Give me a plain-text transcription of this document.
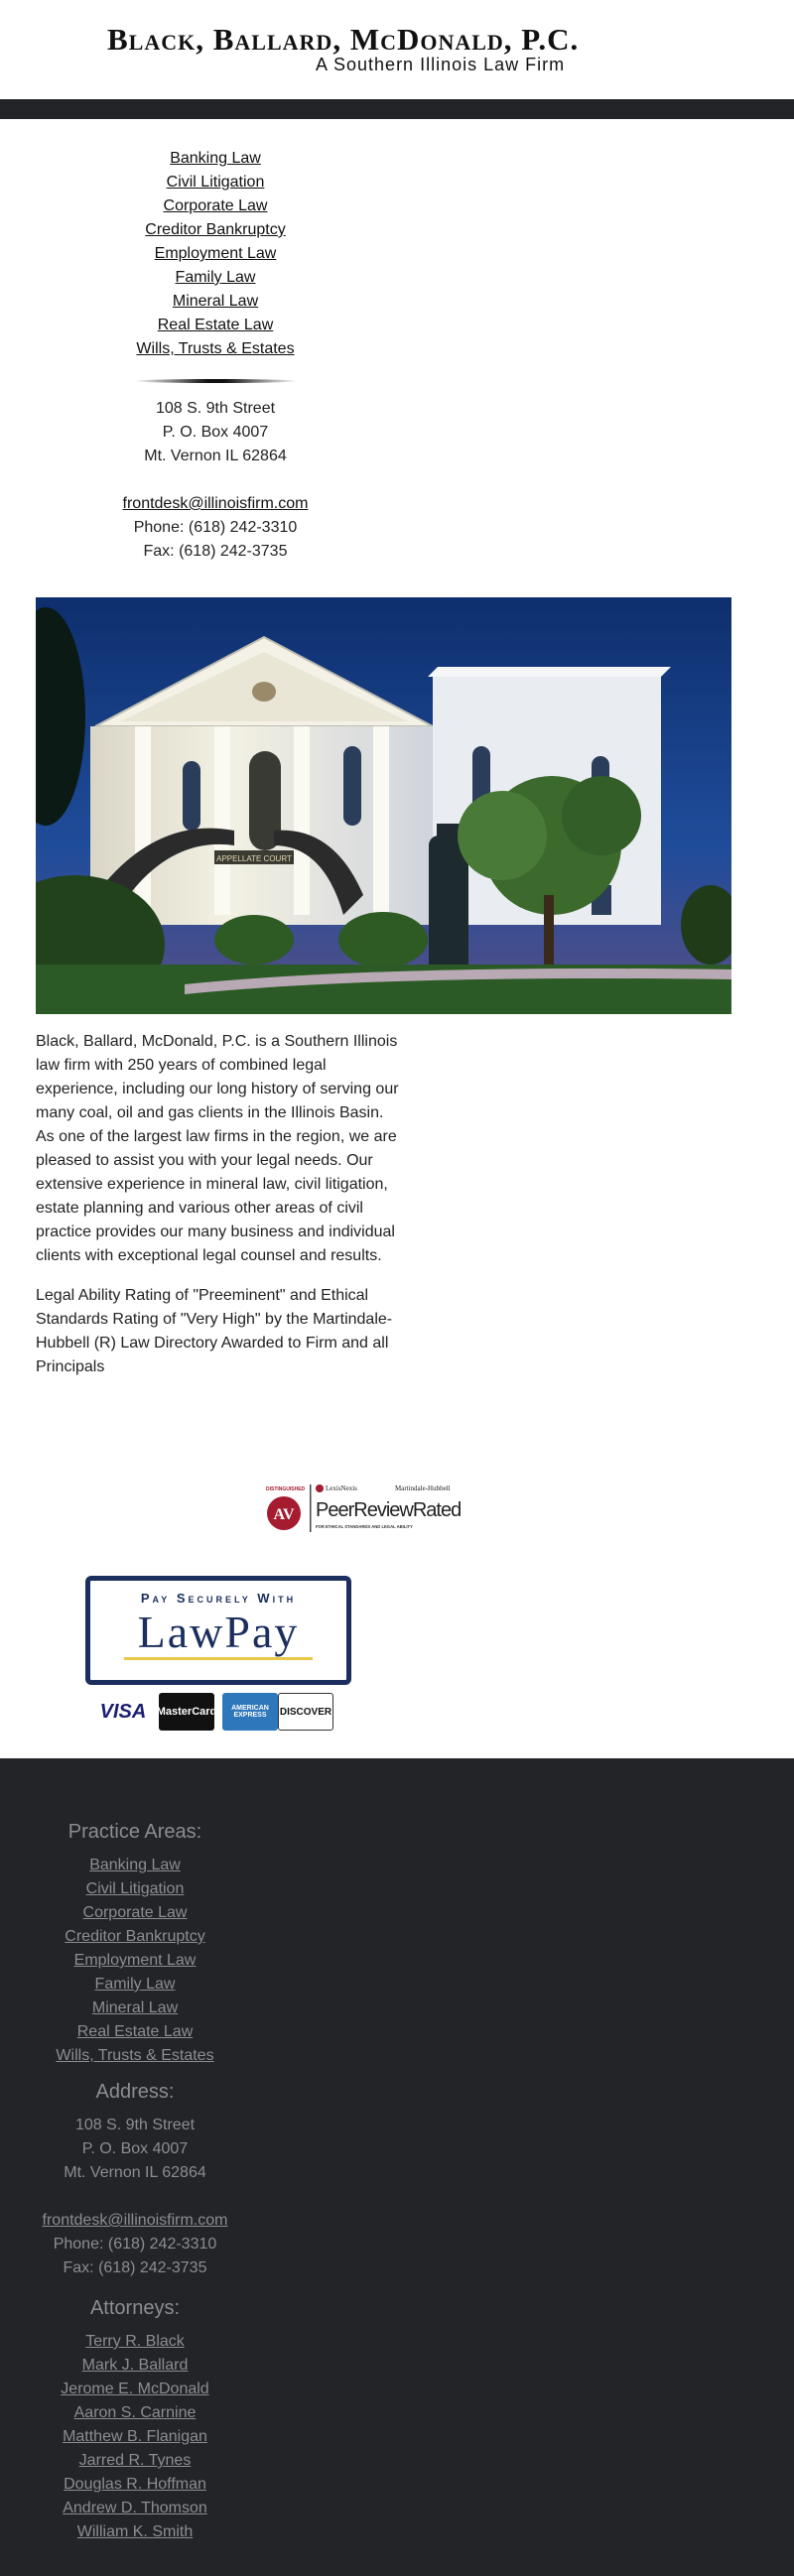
Black, Ballard, McDonald, P.C.
A Southern Illinois Law Firm
Banking Law
Civil Litigation
Corporate Law
Creditor Bankruptcy
Employment Law
Family Law
Mineral Law
Real Estate Law
Wills, Trusts & Estates
108 S. 9th Street
P. O. Box 4007
Mt. Vernon IL 62864
frontdesk@illinoisfirm.com
Phone: (618) 242-3310
Fax: (618) 242-3735
APPELLATE COURT

Black, Ballard, McDonald, P.C. is a Southern Illinois law firm with 250 years of combined legal experience, including our long history of serving our many coal, oil and gas clients in the Illinois Basin. As one of the largest law firms in the region, we are pleased to assist you with your legal needs. Our extensive experience in mineral law, civil litigation, estate planning and various other areas of civil practice provides our many business and individual clients with exceptional legal counsel and results.

Legal Ability Rating of "Preeminent" and Ethical Standards Rating of "Very High" by the Martindale-Hubbell (R) Law Directory Awarded to Firm and all Principals

DISTINGUISHED
AV
LexisNexis	Martindale-Hubbell
PeerReviewRated
FOR ETHICAL STANDARDS AND LEGAL ABILITY
Pay Securely With
LawPay
VISA MasterCard	AMERICAN EXPRESS	DISCOVER
Practice Areas:
Banking Law
Civil Litigation
Corporate Law
Creditor Bankruptcy
Employment Law
Family Law
Mineral Law
Real Estate Law
Wills, Trusts & Estates
Address:
108 S. 9th Street
P. O. Box 4007
Mt. Vernon IL 62864
frontdesk@illinoisfirm.com
Phone: (618) 242-3310
Fax: (618) 242-3735
Attorneys:
Terry R. Black
Mark J. Ballard
Jerome E. McDonald
Aaron S. Carnine
Matthew B. Flanigan
Jarred R. Tynes
Douglas R. Hoffman
Andrew D. Thomson
William K. Smith
